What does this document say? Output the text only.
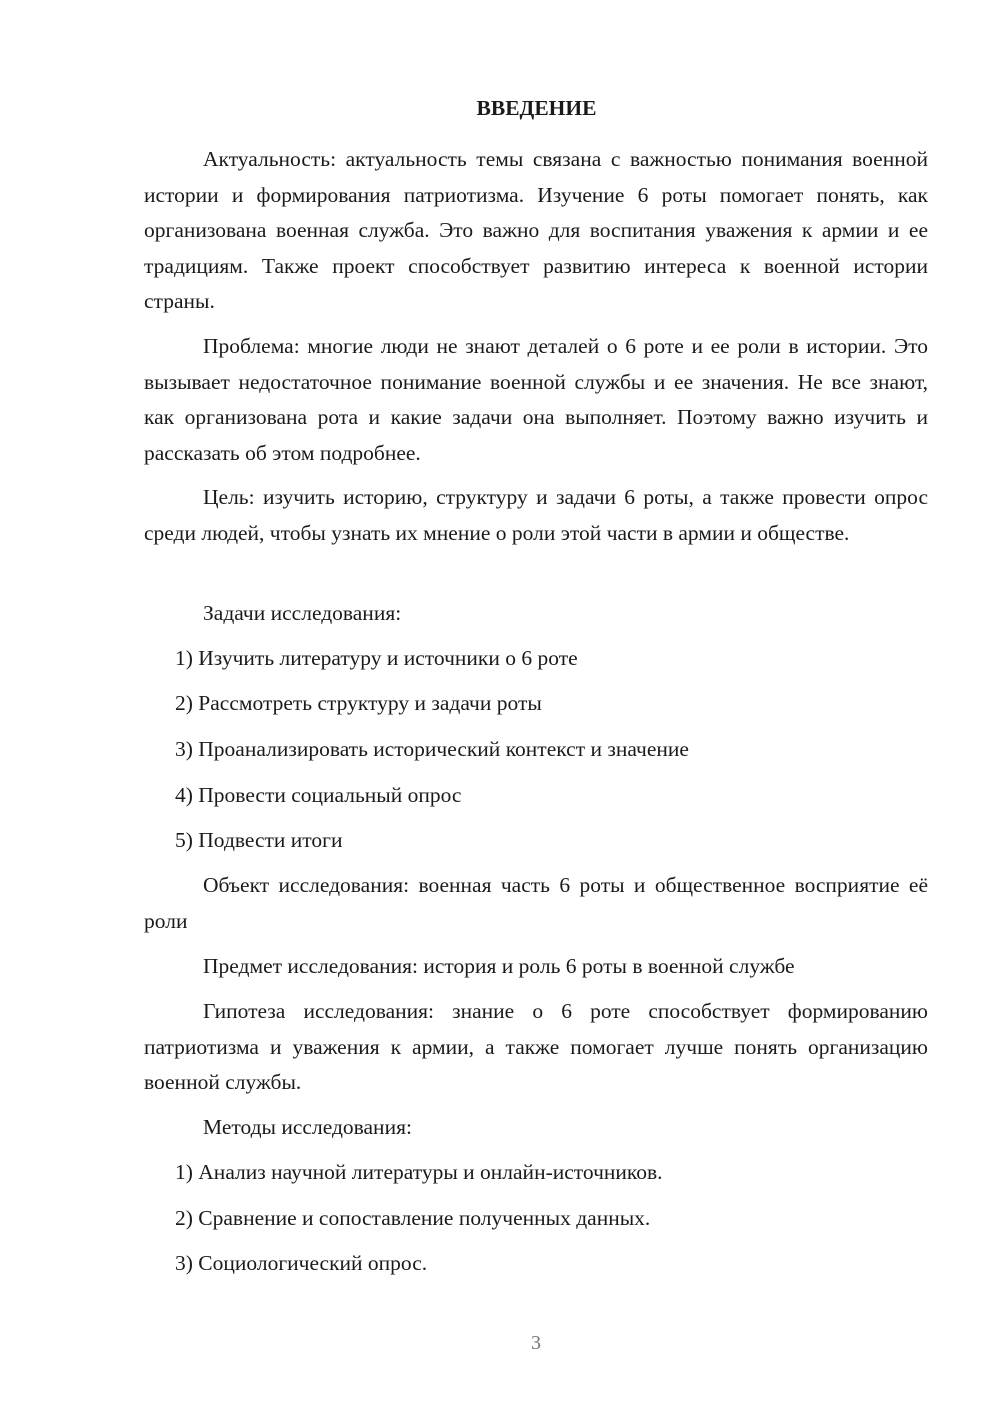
ВВЕДЕНИЕ
Актуальность: актуальность темы связана с важностью понимания военной истории и формирования патриотизма. Изучение 6 роты помогает понять, как организована военная служба. Это важно для воспитания уважения к армии и ее традициям. Также проект способствует развитию интереса к военной истории страны.
Проблема: многие люди не знают деталей о 6 роте и ее роли в истории. Это вызывает недостаточное понимание военной службы и ее значения. Не все знают, как организована рота и какие задачи она выполняет. Поэтому важно изучить и рассказать об этом подробнее.
Цель: изучить историю, структуру и задачи 6 роты, а также провести опрос среди людей, чтобы узнать их мнение о роли этой части в армии и обществе.
Задачи исследования:
1) Изучить литературу и источники о 6 роте
2) Рассмотреть структуру и задачи роты
3) Проанализировать исторический контекст и значение
4) Провести социальный опрос
5) Подвести итоги
Объект исследования: военная часть 6 роты и общественное восприятие её роли
Предмет исследования: история и роль 6 роты в военной службе
Гипотеза исследования: знание о 6 роте способствует формированию патриотизма и уважения к армии, а также помогает лучше понять организацию военной службы.
Методы исследования:
1) Анализ научной литературы и онлайн-источников.
2) Сравнение и сопоставление полученных данных.
3) Социологический опрос.
3
